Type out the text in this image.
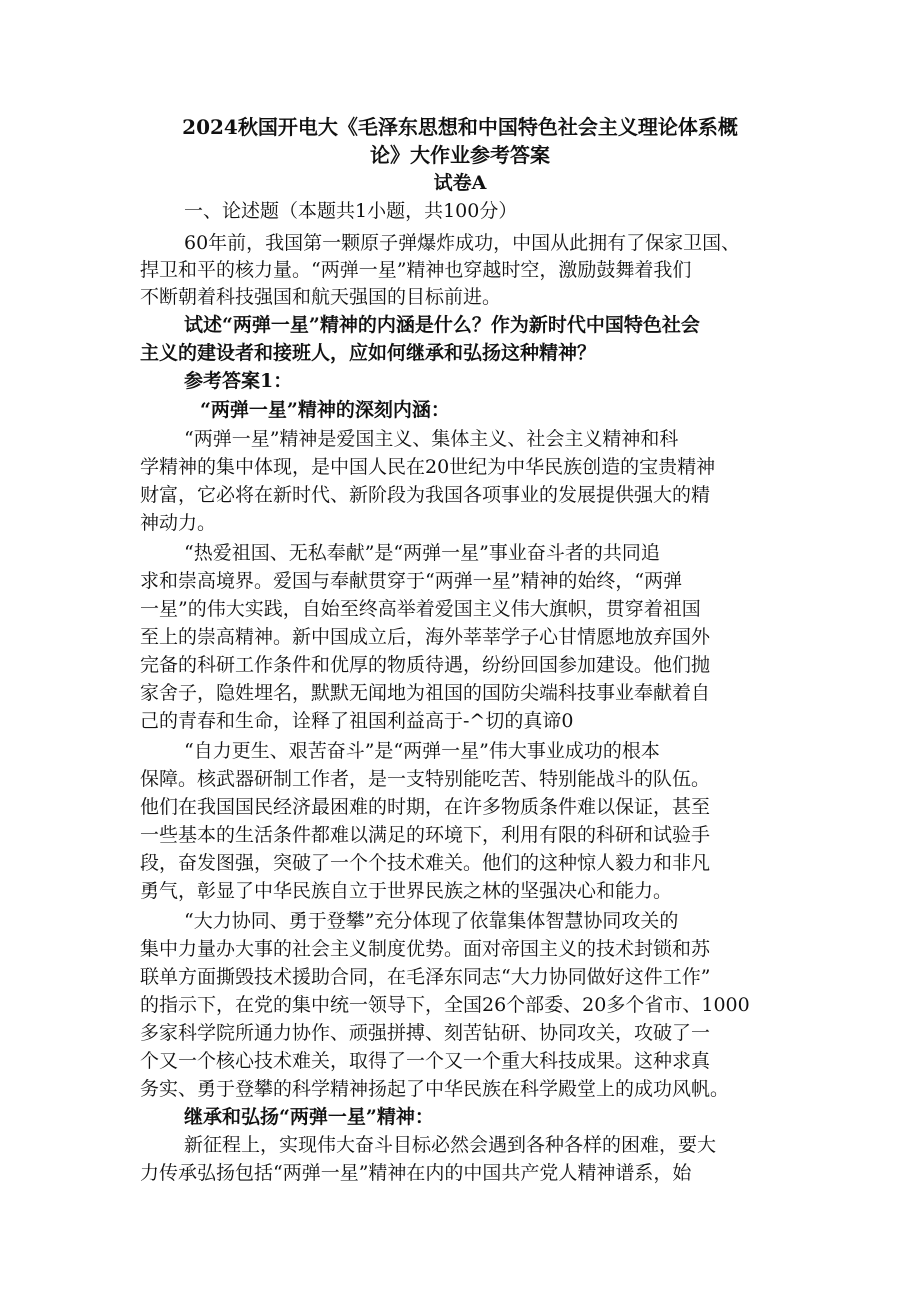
2024秋国开电大《毛泽东思想和中国特色社会主义理论体系概
论》大作业参考答案
试卷A
一、论述题（本题共1小题，共100分）
60年前，我国第一颗原子弹爆炸成功，中国从此拥有了保家卫国、
捍卫和平的核力量。“两弹一星”精神也穿越时空，激励鼓舞着我们
不断朝着科技强国和航天强国的目标前进。
试述“两弹一星”精神的内涵是什么？作为新时代中国特色社会
主义的建设者和接班人，应如何继承和弘扬这种精神？
参考答案1：
“两弹一星”精神的深刻内涵：
“两弹一星”精神是爱国主义、集体主义、社会主义精神和科
学精神的集中体现，是中国人民在20世纪为中华民族创造的宝贵精神
财富，它必将在新时代、新阶段为我国各项事业的发展提供强大的精
神动力。
“热爱祖国、无私奉献”是“两弹一星”事业奋斗者的共同追
求和崇高境界。爱国与奉献贯穿于“两弹一星”精神的始终，“两弹
一星”的伟大实践，自始至终高举着爱国主义伟大旗帜，贯穿着祖国
至上的崇高精神。新中国成立后，海外莘莘学子心甘情愿地放弃国外
完备的科研工作条件和优厚的物质待遇，纷纷回国参加建设。他们抛
家舍子，隐姓埋名，默默无闻地为祖国的国防尖端科技事业奉献着自
己的青春和生命，诠释了祖国利益高于-^切的真谛0
“自力更生、艰苦奋斗”是“两弹一星”伟大事业成功的根本
保障。核武器研制工作者，是一支特别能吃苦、特别能战斗的队伍。
他们在我国国民经济最困难的时期，在许多物质条件难以保证，甚至
一些基本的生活条件都难以满足的环境下，利用有限的科研和试验手
段，奋发图强，突破了一个个技术难关。他们的这种惊人毅力和非凡
勇气，彰显了中华民族自立于世界民族之林的坚强决心和能力。
“大力协同、勇于登攀”充分体现了依靠集体智慧协同攻关的
集中力量办大事的社会主义制度优势。面对帝国主义的技术封锁和苏
联单方面撕毁技术援助合同，在毛泽东同志“大力协同做好这件工作”
的指示下，在党的集中统一领导下，全国26个部委、20多个省市、1000
多家科学院所通力协作、顽强拼搏、刻苦钻研、协同攻关，攻破了一
个又一个核心技术难关，取得了一个又一个重大科技成果。这种求真
务实、勇于登攀的科学精神扬起了中华民族在科学殿堂上的成功风帆。
继承和弘扬“两弹一星”精神：
新征程上，实现伟大奋斗目标必然会遇到各种各样的困难，要大
力传承弘扬包括“两弹一星”精神在内的中国共产党人精神谱系，始
